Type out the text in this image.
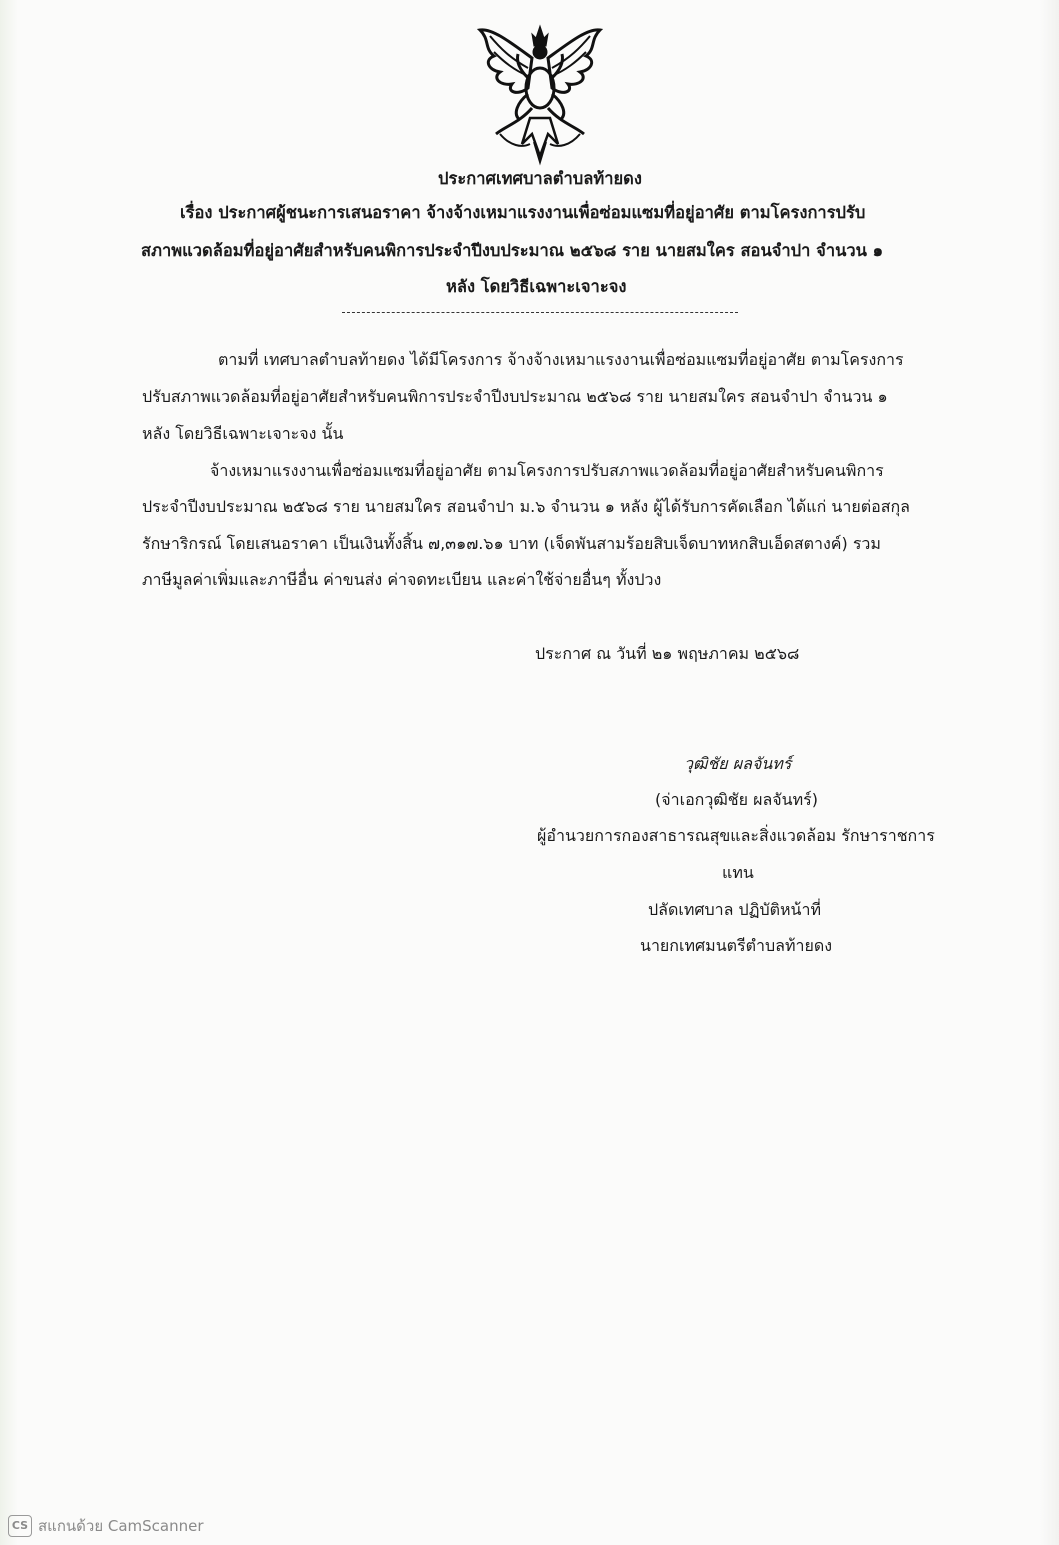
ประกาศเทศบาลตำบลท้ายดง
เรื่อง ประกาศผู้ชนะการเสนอราคา จ้างจ้างเหมาแรงงานเพื่อซ่อมแซมที่อยู่อาศัย ตามโครงการปรับ
สภาพแวดล้อมที่อยู่อาศัยสำหรับคนพิการประจำปีงบประมาณ ๒๕๖๘ ราย นายสมใคร สอนจำปา จำนวน ๑
หลัง โดยวิธีเฉพาะเจาะจง
ตามที่ เทศบาลตำบลท้ายดง ได้มีโครงการ จ้างจ้างเหมาแรงงานเพื่อซ่อมแซมที่อยู่อาศัย ตามโครงการ
ปรับสภาพแวดล้อมที่อยู่อาศัยสำหรับคนพิการประจำปีงบประมาณ ๒๕๖๘ ราย นายสมใคร สอนจำปา จำนวน ๑
หลัง โดยวิธีเฉพาะเจาะจง นั้น
จ้างเหมาแรงงานเพื่อซ่อมแซมที่อยู่อาศัย ตามโครงการปรับสภาพแวดล้อมที่อยู่อาศัยสำหรับคนพิการ
ประจำปีงบประมาณ ๒๕๖๘ ราย นายสมใคร สอนจำปา ม.๖ จำนวน ๑ หลัง ผู้ได้รับการคัดเลือก ได้แก่ นายต่อสกุล
รักษาริกรณ์ โดยเสนอราคา เป็นเงินทั้งสิ้น ๗,๓๑๗.๖๑ บาท (เจ็ดพันสามร้อยสิบเจ็ดบาทหกสิบเอ็ดสตางค์) รวม
ภาษีมูลค่าเพิ่มและภาษีอื่น ค่าขนส่ง ค่าจดทะเบียน และค่าใช้จ่ายอื่นๆ ทั้งปวง
ประกาศ ณ วันที่ ๒๑ พฤษภาคม ๒๕๖๘
วุฒิชัย ผลจันทร์
(จ่าเอกวุฒิชัย ผลจันทร์)
ผู้อำนวยการกองสาธารณสุขและสิ่งแวดล้อม รักษาราชการ
แทน
ปลัดเทศบาล ปฏิบัติหน้าที่
นายกเทศมนตรีตำบลท้ายดง
CS สแกนด้วย CamScanner
